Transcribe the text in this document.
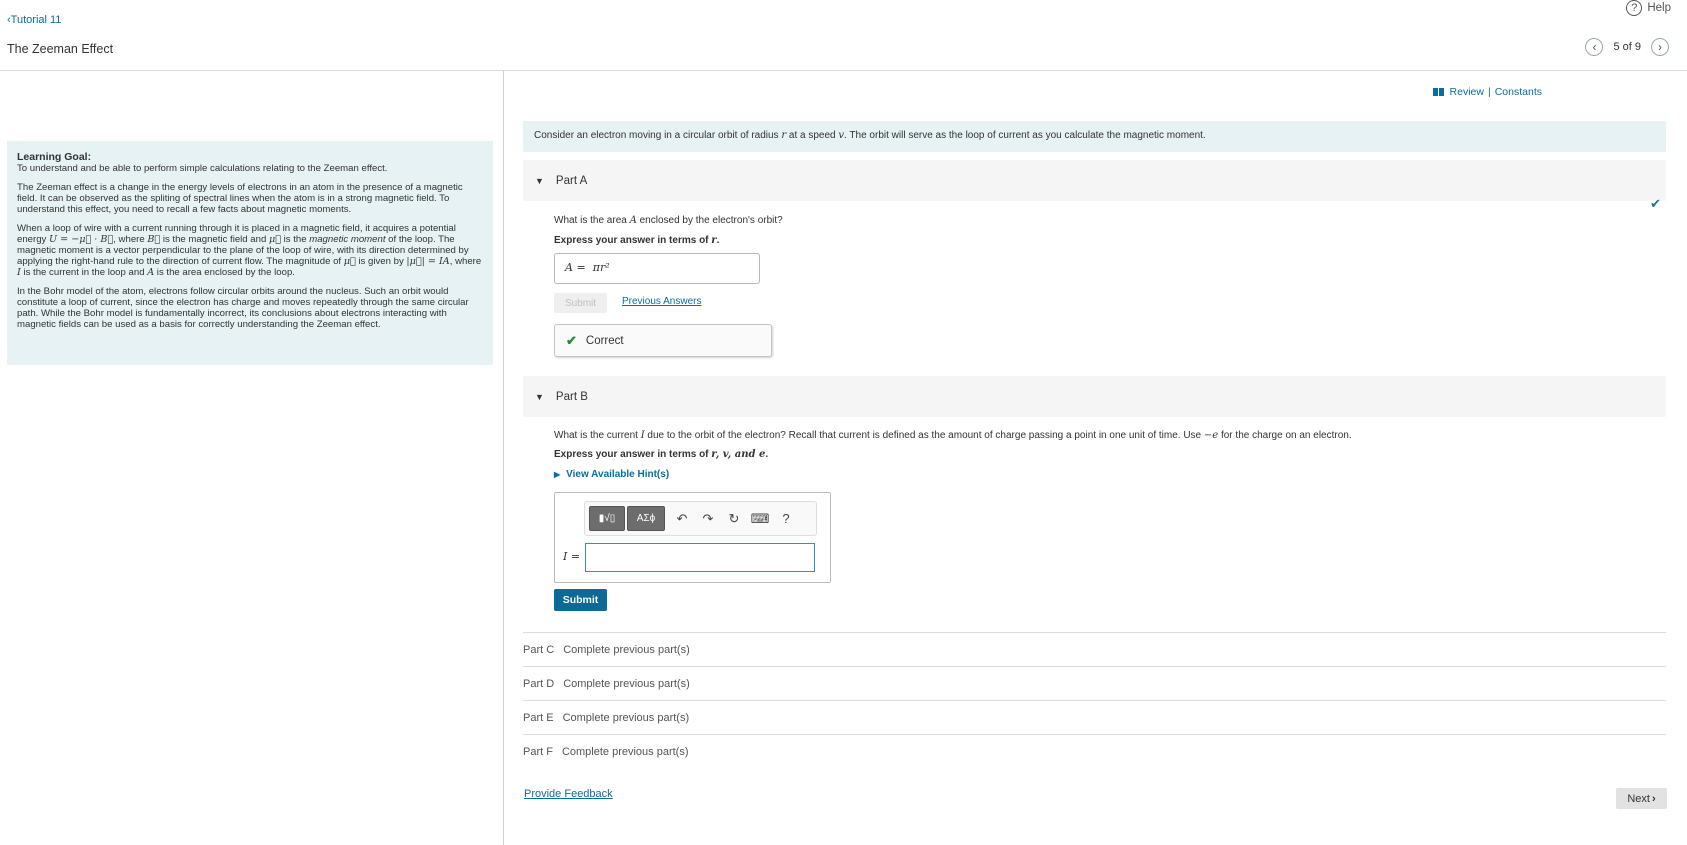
‹Tutorial 11
The Zeeman Effect
? Help
‹ 5 of 9 ›
Learning Goal:

To understand and be able to perform simple calculations relating to the Zeeman effect.

The Zeeman effect is a change in the energy levels of electrons in an atom in the presence of a magnetic field. It can be observed as the spliting of spectral lines when the atom is in a strong magnetic field. To understand this effect, you need to recall a few facts about magnetic moments.

When a loop of wire with a current running through it is placed in a magnetic field, it acquires a potential energy U = −μ⃗ · B⃗, where B⃗ is the magnetic field and μ⃗ is the magnetic moment of the loop. The magnetic moment is a vector perpendicular to the plane of the loop of wire, with its direction determined by applying the right-hand rule to the direction of current flow. The magnitude of μ⃗ is given by |μ⃗| = IA, where I is the current in the loop and A is the area enclosed by the loop.

In the Bohr model of the atom, electrons follow circular orbits around the nucleus. Such an orbit would constitute a loop of current, since the electron has charge and moves repeatedly through the same circular path. While the Bohr model is fundamentally incorrect, its conclusions about electrons interacting with magnetic fields can be used as a basis for correctly understanding the Zeeman effect.

Review | Constants
Consider an electron moving in a circular orbit of radius r at a speed v. The orbit will serve as the loop of current as you calculate the magnetic moment.
▼ Part A
✔
What is the area A enclosed by the electron's orbit?
Express your answer in terms of r.
A = πr²
Submit	Previous Answers
✔ Correct
▼ Part B
What is the current I due to the orbit of the electron? Recall that current is defined as the amount of charge passing a point in one unit of time. Use −e for the charge on an electron.
Express your answer in terms of r, v, and e.
▶ View Available Hint(s)
▮√▯	ΑΣϕ	↶	↷	↻ ⌨	?
I =
Submit
Part C Complete previous part(s)
Part D Complete previous part(s)
Part E Complete previous part(s)
Part F Complete previous part(s)
Provide Feedback	Next ›
